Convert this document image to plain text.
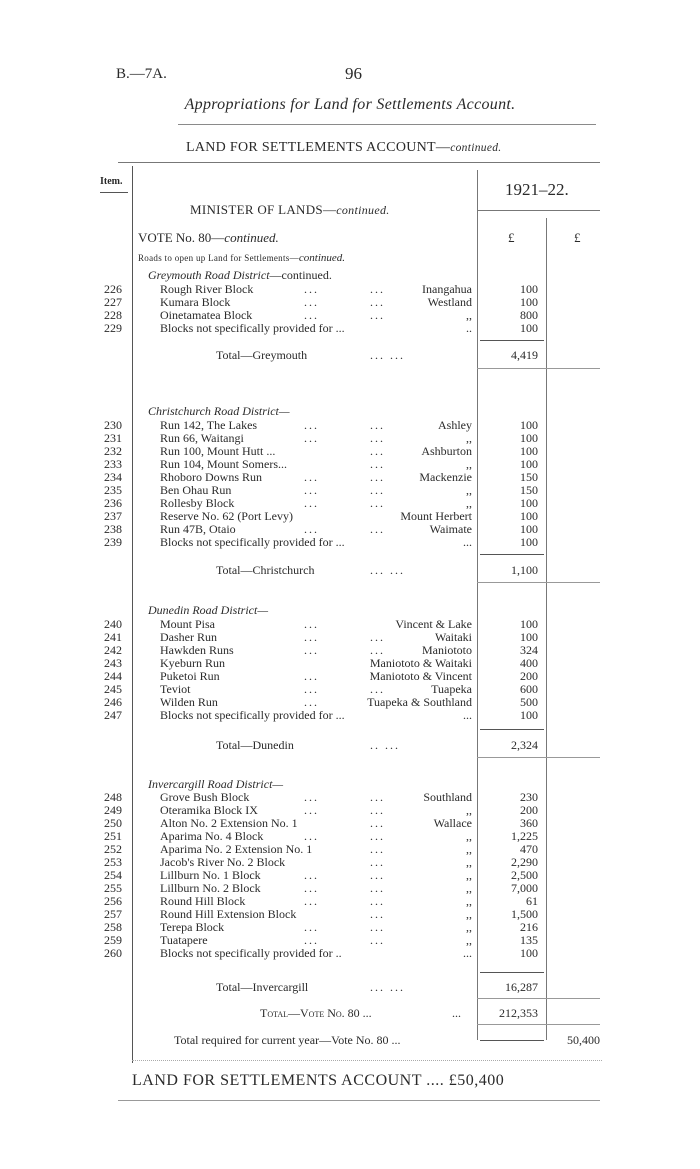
B.—7A.	96
Appropriations for Land for Settlements Account.
LAND FOR SETTLEMENTS ACCOUNT—continued.
Item.	1921–22.
MINISTER OF LANDS—continued.
£	£
VOTE No. 80—continued.
Roads to open up Land for Settlements—continued.
Greymouth Road District—continued.
226	Rough River Block	...	...	Inangahua	100
227	Kumara Block	...	...	Westland	100
228	Oinetamatea Block	...	...	,,	800
229	Blocks not specifically provided for ...	..	100
Total—Greymouth	... ...	4,419
Christchurch Road District—
230	Run 142, The Lakes	...	...	Ashley	100
231	Run 66, Waitangi	...	...	,,	100
232	Run 100, Mount Hutt ...	...	Ashburton	100
233	Run 104, Mount Somers...	...	,,	100
234	Rhoboro Downs Run	...	...	Mackenzie	150
235	Ben Ohau Run	...	...	,,	150
236	Rollesby Block	...	...	,,	100
237	Reserve No. 62 (Port Levy)	Mount Herbert	100
238	Run 47B, Otaio	...	...	Waimate	100
239	Blocks not specifically provided for ...	...	100
Total—Christchurch	... ...	1,100
Dunedin Road District—
240	Mount Pisa	...	Vincent & Lake	100
241	Dasher Run	...	...	Waitaki	100
242	Hawkden Runs	...	...	Maniototo	324
243	Kyeburn Run	Maniototo & Waitaki	400
244	Puketoi Run	...	Maniototo & Vincent	200
245	Teviot	...	...	Tuapeka	600
246	Wilden Run	...	Tuapeka & Southland	500
247	Blocks not specifically provided for ...	...	100
Total—Dunedin	.. ...	2,324
Invercargill Road District—
248	Grove Bush Block	...	...	Southland	230
249	Oteramika Block IX	...	...	,,	200
250	Alton No. 2 Extension No. 1	...	Wallace	360
251	Aparima No. 4 Block	...	...	,,	1,225
252	Aparima No. 2 Extension No. 1	...	,,	470
253	Jacob's River No. 2 Block	...	,,	2,290
254	Lillburn No. 1 Block	...	...	,,	2,500
255	Lillburn No. 2 Block	...	...	,,	7,000
256	Round Hill Block	...	...	,,	61
257	Round Hill Extension Block	...	,,	1,500
258	Terepa Block	...	...	,,	216
259	Tuatapere	...	...	,,	135
260	Blocks not specifically provided for ..	...	100
Total—Invercargill	... ...	16,287
Total—Vote No. 80 ...	...	212,353
Total required for current year—Vote No. 80 ...	50,400
LAND FOR SETTLEMENTS ACCOUNT .... £50,400
